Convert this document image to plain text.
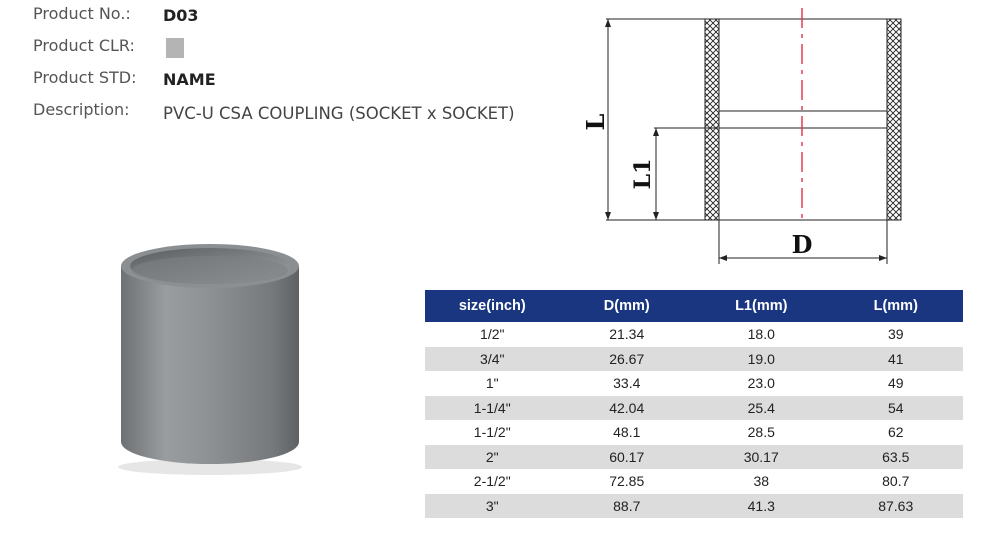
Product No.: D03
Product CLR:
Product STD: NAME
Description: PVC-U CSA COUPLING (SOCKET x SOCKET)	L
L1
D
size(inch)	D(mm)	L1(mm)	L(mm)
1/2"	21.34	18.0	39
3/4"	26.67	19.0	41
1"	33.4	23.0	49
1-1/4"	42.04	25.4	54
1-1/2"	48.1	28.5	62
2"	60.17	30.17	63.5
2-1/2"	72.85	38	80.7
3"	88.7	41.3	87.63
